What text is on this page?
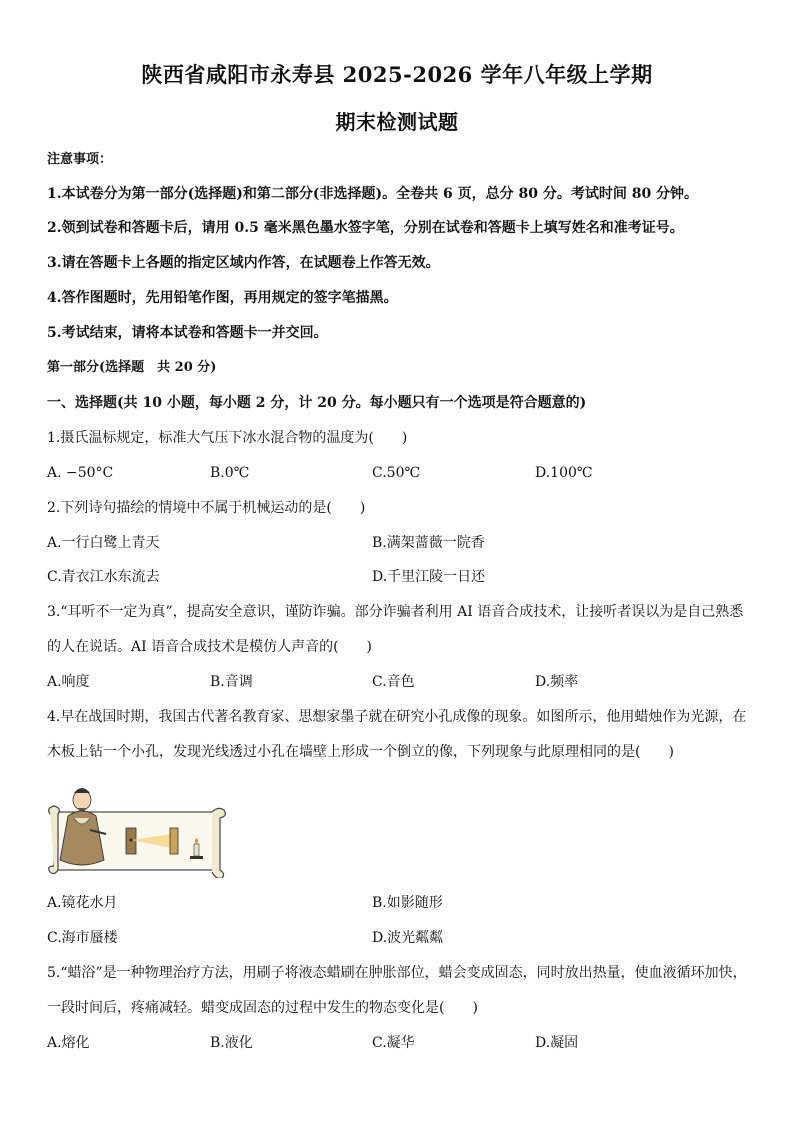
陕西省咸阳市永寿县 2025-2026 学年八年级上学期
期末检测试题
注意事项：
1.本试卷分为第一部分(选择题)和第二部分(非选择题)。全卷共 6 页，总分 80 分。考试时间 80 分钟。
2.领到试卷和答题卡后，请用 0.5 毫米黑色墨水签字笔，分别在试卷和答题卡上填写姓名和准考证号。
3.请在答题卡上各题的指定区域内作答，在试题卷上作答无效。
4.答作图题时，先用铅笔作图，再用规定的签字笔描黑。
5.考试结束，请将本试卷和答题卡一并交回。
第一部分(选择题　共 20 分)
一、选择题(共 10 小题，每小题 2 分，计 20 分。每小题只有一个选项是符合题意的)
1.摄氏温标规定，标准大气压下冰水混合物的温度为(　　)
A. −50°C	B.0℃	C.50℃	D.100℃
2.下列诗句描绘的情境中不属于机械运动的是(　　)
A.一行白鹭上青天	B.满架蔷薇一院香
C.青衣江水东流去	D.千里江陵一日还
3.“耳听不一定为真”，提高安全意识，谨防诈骗。部分诈骗者利用 AI 语音合成技术，让接听者误以为是自己熟悉
的人在说话。AI 语音合成技术是模仿人声音的(　　)
A.响度	B.音调	C.音色	D.频率
4.早在战国时期，我国古代著名教育家、思想家墨子就在研究小孔成像的现象。如图所示，他用蜡烛作为光源，在
木板上钻一个小孔，发现光线透过小孔在墙壁上形成一个倒立的像，下列现象与此原理相同的是(　　)
A.镜花水月	B.如影随形
C.海市蜃楼	D.波光粼粼
5.“蜡浴”是一种物理治疗方法，用刷子将液态蜡刷在肿胀部位，蜡会变成固态，同时放出热量，使血液循环加快，
一段时间后，疼痛减轻。蜡变成固态的过程中发生的物态变化是(　　)
A.熔化	B.液化	C.凝华	D.凝固
